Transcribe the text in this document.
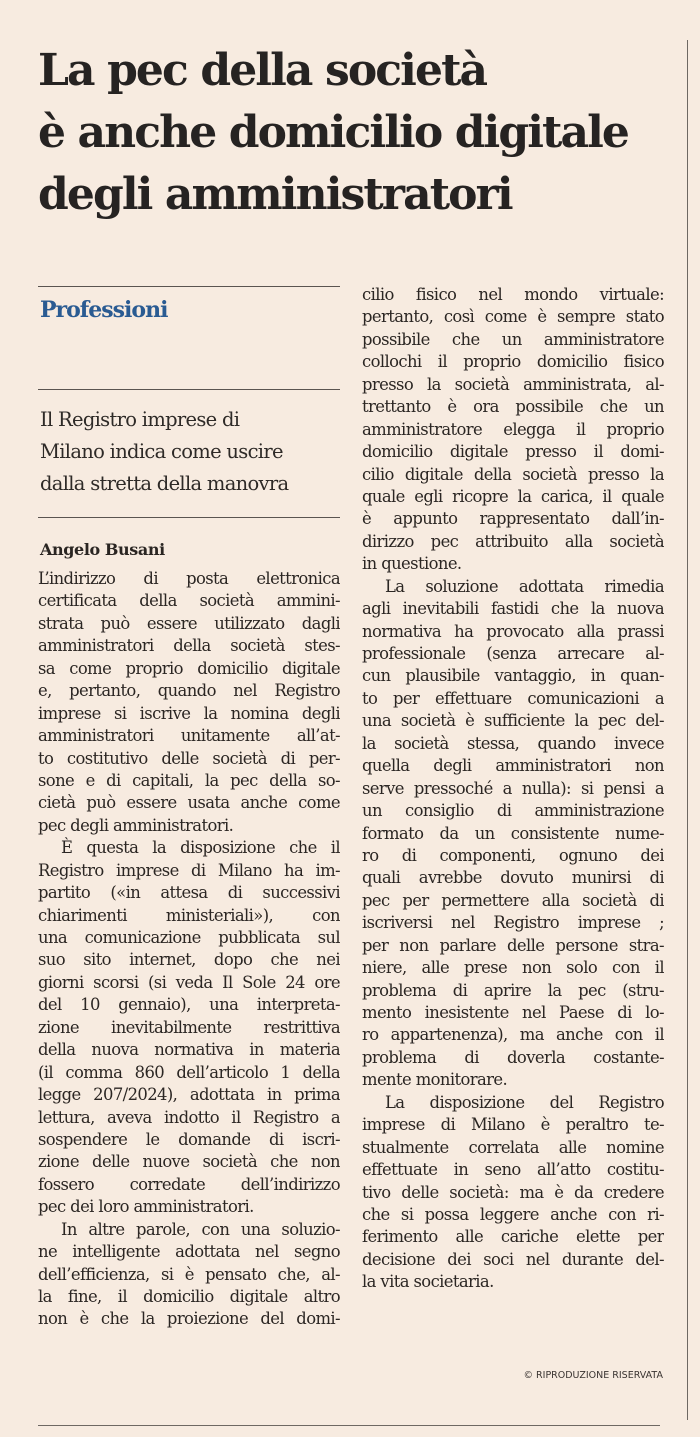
La pec della società
è anche domicilio digitale
degli amministratori
Professioni

Il Registro imprese di
Milano indica come uscire
dalla stretta della manovra

Angelo Busani
L’indirizzo di posta elettronica
certificata della società ammini-
strata può essere utilizzato dagli
amministratori della società stes-
sa come proprio domicilio digitale
e, pertanto, quando nel Registro
imprese si iscrive la nomina degli
amministratori unitamente all’at-
to costitutivo delle società di per-
sone e di capitali, la pec della so-
cietà può essere usata anche come
pec degli amministratori.
È questa la disposizione che il
Registro imprese di Milano ha im-
partito («in attesa di successivi
chiarimenti ministeriali»), con
una comunicazione pubblicata sul
suo sito internet, dopo che nei
giorni scorsi (si veda Il Sole 24 ore
del 10 gennaio), una interpreta-
zione inevitabilmente restrittiva
della nuova normativa in materia
(il comma 860 dell’articolo 1 della
legge 207/2024), adottata in prima
lettura, aveva indotto il Registro a
sospendere le domande di iscri-
zione delle nuove società che non
fossero corredate dell’indirizzo
pec dei loro amministratori.
In altre parole, con una soluzio-
ne intelligente adottata nel segno
dell’efficienza, si è pensato che, al-
la fine, il domicilio digitale altro
non è che la proiezione del domi-
cilio fisico nel mondo virtuale:
pertanto, così come è sempre stato
possibile che un amministratore
collochi il proprio domicilio fisico
presso la società amministrata, al-
trettanto è ora possibile che un
amministratore elegga il proprio
domicilio digitale presso il domi-
cilio digitale della società presso la
quale egli ricopre la carica, il quale
è appunto rappresentato dall’in-
dirizzo pec attribuito alla società
in questione.
La soluzione adottata rimedia
agli inevitabili fastidi che la nuova
normativa ha provocato alla prassi
professionale (senza arrecare al-
cun plausibile vantaggio, in quan-
to per effettuare comunicazioni a
una società è sufficiente la pec del-
la società stessa, quando invece
quella degli amministratori non
serve pressoché a nulla): si pensi a
un consiglio di amministrazione
formato da un consistente nume-
ro di componenti, ognuno dei
quali avrebbe dovuto munirsi di
pec per permettere alla società di
iscriversi nel Registro imprese ;
per non parlare delle persone stra-
niere, alle prese non solo con il
problema di aprire la pec (stru-
mento inesistente nel Paese di lo-
ro appartenenza), ma anche con il
problema di doverla costante-
mente monitorare.
La disposizione del Registro
imprese di Milano è peraltro te-
stualmente correlata alle nomine
effettuate in seno all’atto costitu-
tivo delle società: ma è da credere
che si possa leggere anche con ri-
ferimento alle cariche elette per
decisione dei soci nel durante del-
la vita societaria.
© RIPRODUZIONE RISERVATA
